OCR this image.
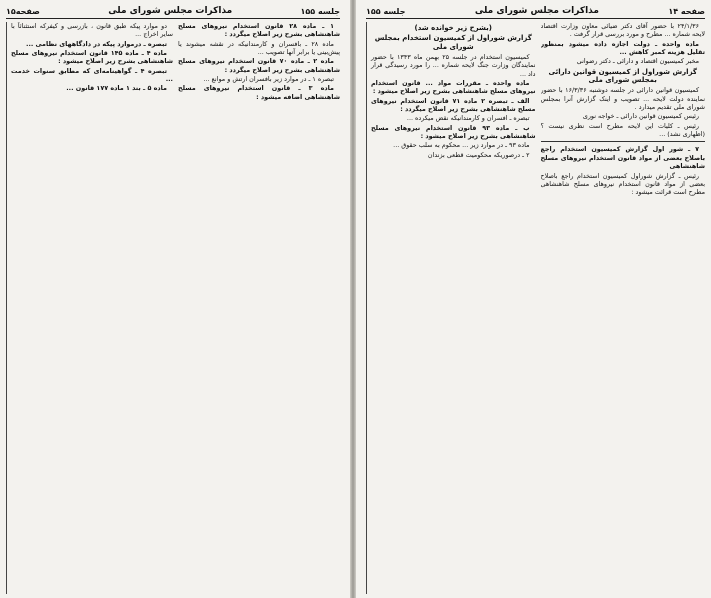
جلسه ۱۵۵
مذاکرات مجلس شورای ملی
صفحه۱۵
۱ ـ ماده ۲۸ قانون استخدام نیروهای مسلح شاهنشاهی بشرح زیر اصلاح میگردد :
ماده ۲۸ ـ بافسران و کارمندانیکه در نقشه میشوند یا پیش‌بینی یا برابر آنها تصویب ...
ماده ۲ ـ ماده ۷۰ قانون استخدام نیروهای مسلح شاهنشاهی بشرح زیر اصلاح میگردد :
تبصره ۱ ـ در موارد زیر بافسران ارتش و موانع ...
ماده ۳ ـ قانون استخدام نیروهای مسلح شاهنشاهی اضافه میشود :
دو موارد پیکه طبق قانون ، بازرسی و کیفرکه استثنائاً با سایر اخراج ...
تبصره ـ درموارد پیکه در دادگاههای نظامی ...
ماده ۴ ـ ماده ۱۴۵ قانون استخدام نیروهای مسلح شاهنشاهی بشرح زیر اصلاح میشود :
تبصره ۴ ـ گواهینامه‌ای که مطابق سنوات خدمت ...
ماده ۵ ـ بند ۱ ماده ۱۷۷ قانون ...
صفحه ۱۴
مذاکرات مجلس شورای ملی
جلسه ۱۵۵
۲۴/۱/۳۶ با حضور آقای دکتر ضیائی معاون وزارت اقتصاد لایحه شماره ... مطرح و مورد بررسی قرار گرفت .
ماده واحده ـ دولت اجازه داده میشود بمنظور تقلیل هزینه کمبر کاهش ...
مخبر کمیسیون اقتصاد و دارائی ـ دکتر رضوانی
گزارش شوراول از کمیسیون قوانین دارائی بمجلس شورای ملی
کمیسیون قوانین دارائی در جلسه دوشنبه ۱۶/۳/۳۶ با حضور نماینده دولت لایحه ... تصویب و اینک گزارش آنرا بمجلس شورای ملی تقدیم میدارد .
رئیس کمیسیون قوانین دارائی ـ خواجه نوری
رئیس ـ کلیات این لایحه مطرح است نظری نیست ؟ (اظهاری نشد) ...
۷ ـ شور اول گزارش کمیسیون استخدام راجع باصلاح بعضی از مواد قانون استخدام نیروهای مسلح شاهنشاهی
رئیس ـ گزارش شوراول کمیسیون استخدام راجع باصلاح بعضی از مواد قانون استخدام نیروهای مسلح شاهنشاهی مطرح است قرائت میشود :
(بشرح زیر خوانده شد)
گزارش شوراول از کمیسیون استخدام بمجلس شورای ملی
کمیسیون استخدام در جلسه ۲۵ بهمن ماه ۱۳۴۳ با حضور نمایندگان وزارت جنگ لایحه شماره ... را مورد رسیدگی قرار داد ...
ماده واحده ـ مقررات مواد ... قانون استخدام نیروهای مسلح شاهنشاهی بشرح زیر اصلاح میشود :
الف ـ تبصره ۲ ماده ۷۱ قانون استخدام نیروهای مسلح شاهنشاهی بشرح زیر اصلاح میگردد :
تبصره ـ افسران و کارمندانیکه نقض میکرده ...
ب ـ ماده ۹۳ قانون استخدام نیروهای مسلح شاهنشاهی بشرح زیر اصلاح میشود :
ماده ۹۳ ـ در موارد زیر ... محکوم به سلب حقوق ...
۲ ـ درصوریکه محکومیت قطعی بزندان
